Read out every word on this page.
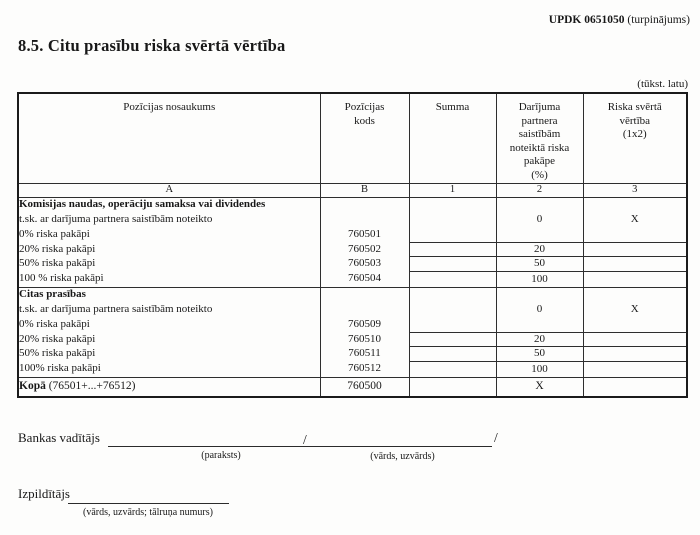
UPDK 0651050 (turpinājums)
8.5. Citu prasību riska svērtā vērtība
(tūkst. latu)
Pozīcijas nosaukums	Pozīcijas
kods
	Summa	Darījuma
partnera
saistībām
noteiktā riska
pakāpe
(%)

Riska svērtā
vērtība
(1x2)

A	B	1	2	3
Komisijas naudas, operāciju samaksa vai dividendes			0	X
t.sk. ar darījuma partnera saistībām noteikto				
0% riska pakāpi	760501			
20% riska pakāpi	760502		20	
50% riska pakāpi	760503		50	
100 % riska pakāpi	760504		100	
Citas prasības			0	X
t.sk. ar darījuma partnera saistībām noteikto				
0% riska pakāpi	760509			
20% riska pakāpi	760510		20	
50% riska pakāpi	760511		50	
100% riska pakāpi	760512		100	
Kopā (76501+...+76512)	760500		X	
Bankas vadītājs
(paraksts)
/	/
(vārds, uzvārds)
Izpildītājs
(vārds, uzvārds; tālruņa numurs)
